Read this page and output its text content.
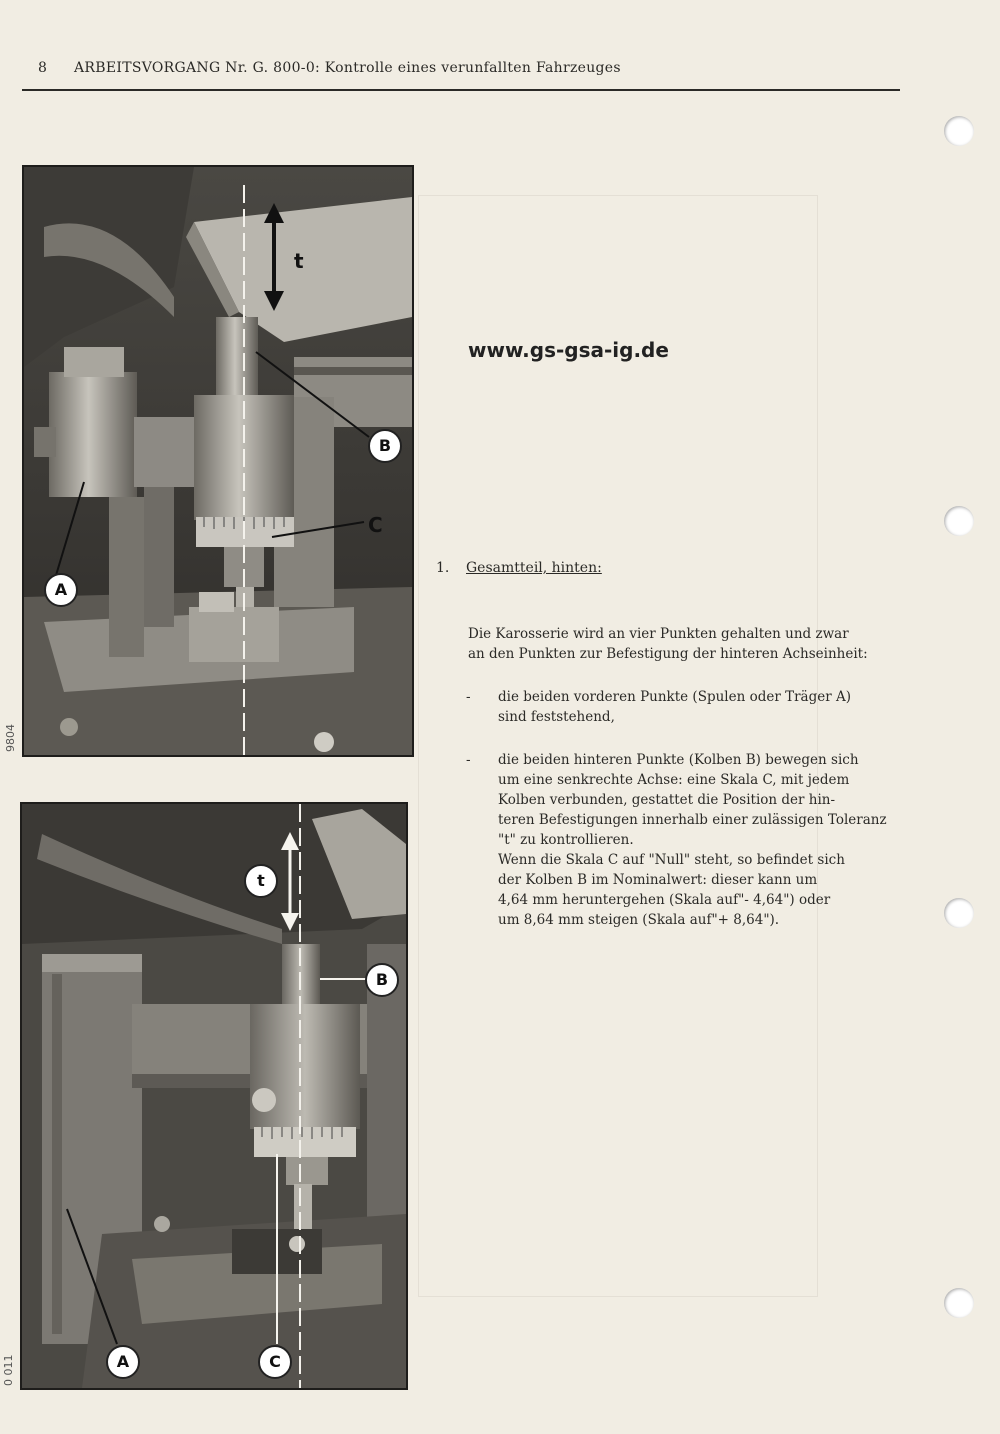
8 ARBEITSVORGANG Nr. G. 800-0: Kontrolle eines verunfallten Fahrzeuges
t
B
C
A
9804
t
B
C
A
0 011
www.gs-gsa-ig.de
1. Gesamtteil, hinten:
Die Karosserie wird an vier Punkten gehalten und zwar
an den Punkten zur Befestigung der hinteren Achseinheit:
- die beiden vorderen Punkte (Spulen oder Träger A)
sind feststehend,
- die beiden hinteren Punkte (Kolben B) bewegen sich
um eine senkrechte Achse: eine Skala C, mit jedem
Kolben verbunden, gestattet die Position der hin-
teren Befestigungen innerhalb einer zulässigen Toleranz
"t" zu kontrollieren.
Wenn die Skala C auf "Null" steht, so befindet sich
der Kolben B im Nominalwert: dieser kann um
4,64 mm heruntergehen (Skala auf"- 4,64") oder
um 8,64 mm steigen (Skala auf"+ 8,64").
